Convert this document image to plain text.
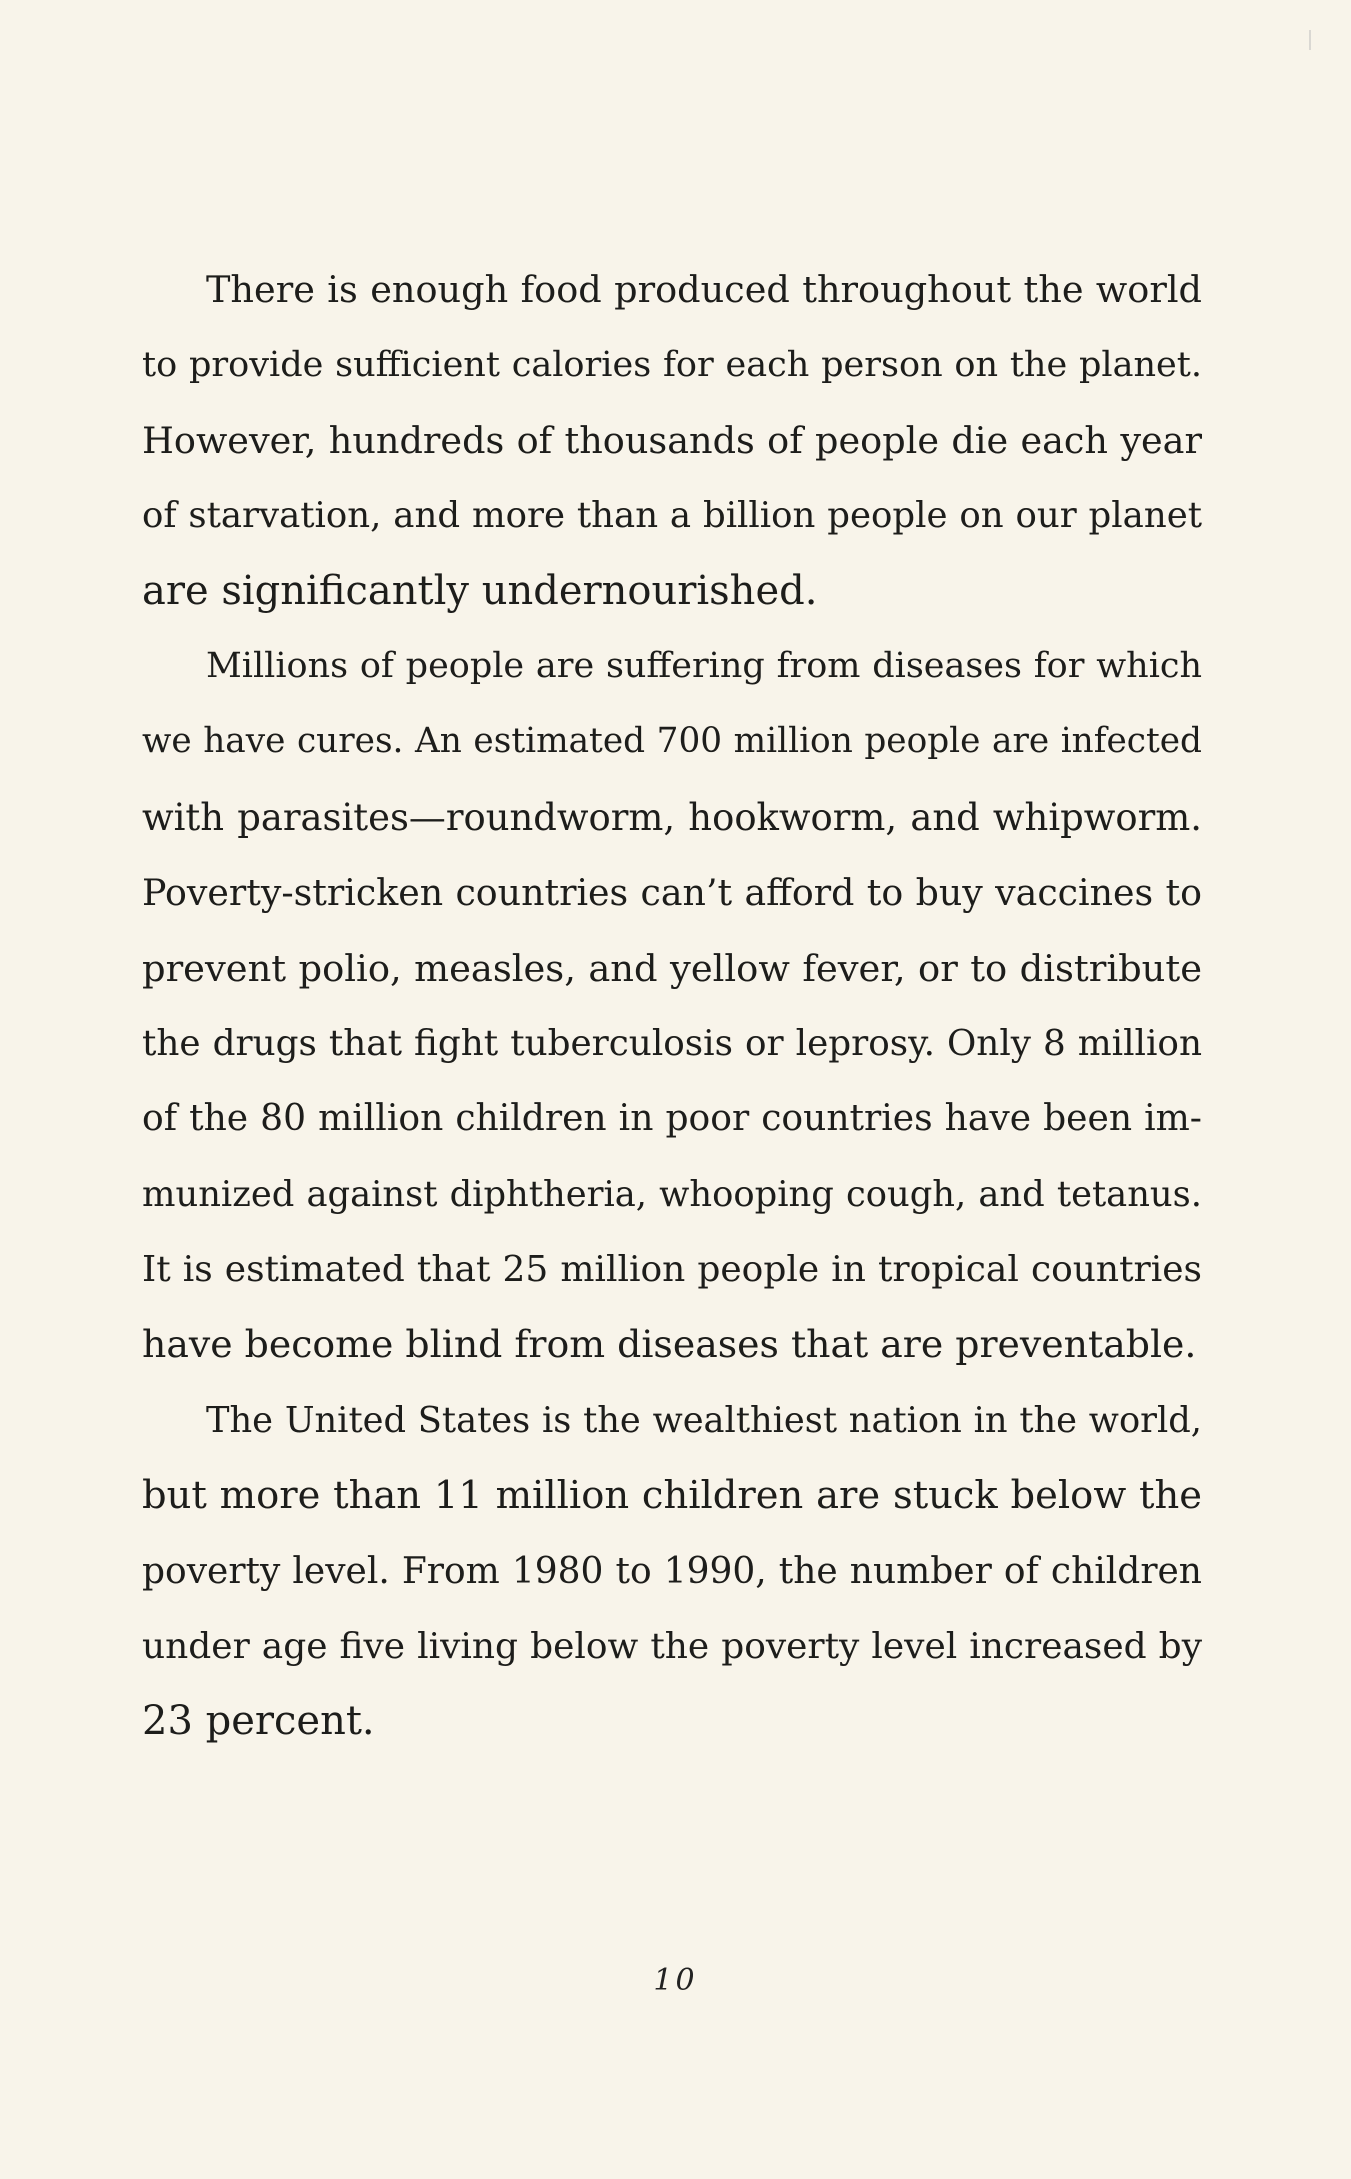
There is enough food produced throughout the world
to provide sufficient calories for each person on the planet.
However, hundreds of thousands of people die each year
of starvation, and more than a billion people on our planet
are significantly undernourished.
Millions of people are suffering from diseases for which
we have cures. An estimated 700 million people are infected
with parasites—roundworm, hookworm, and whipworm.
Poverty-stricken countries can’t afford to buy vaccines to
prevent polio, measles, and yellow fever, or to distribute
the drugs that fight tuberculosis or leprosy. Only 8 million
of the 80 million children in poor countries have been im-
munized against diphtheria, whooping cough, and tetanus.
It is estimated that 25 million people in tropical countries
have become blind from diseases that are preventable.
The United States is the wealthiest nation in the world,
but more than 11 million children are stuck below the
poverty level. From 1980 to 1990, the number of children
under age five living below the poverty level increased by
23 percent.
10
